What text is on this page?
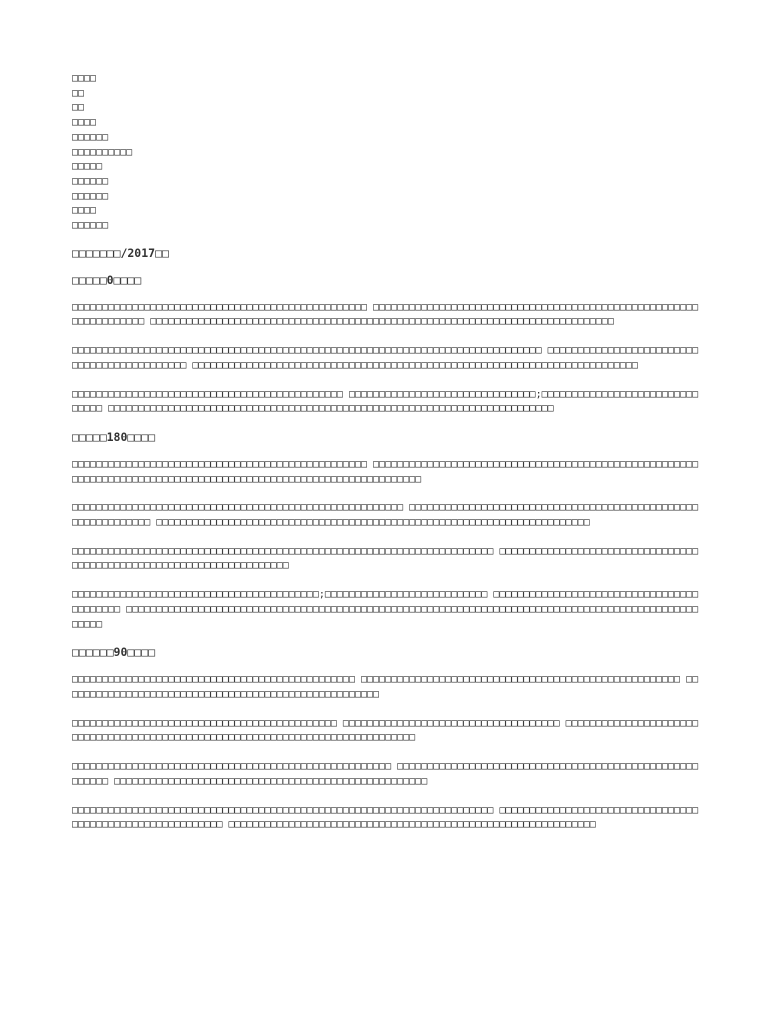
□□□□
□□
□□
□□□□
□□□□□□
□□□□□□□□□□
□□□□□
□□□□□□
□□□□□□
□□□□
□□□□□□
□□□□□□□/2017□□
□□□□□0□□□□

□□□□□□□□□□□□□□□□□□□□□□□□□□□□□□□□□□□□□□□□□□□□□□□□□ □□□□□□□□□□□□□□□□□□□□□□□□□□□□□□□□□□□□□□□□□□□□□□□□□□□□□□□□□□□□□□□□□□ □□□□□□□□□□□□□□□□□□□□□□□□□□□□□□□□□□□□□□□□□□□□□□□□□□□□□□□□□□□□□□□□□□□□□□□□□□□□□

□□□□□□□□□□□□□□□□□□□□□□□□□□□□□□□□□□□□□□□□□□□□□□□□□□□□□□□□□□□□□□□□□□□□□□□□□□□□□□ □□□□□□□□□□□□□□□□□□□□□□□□□□□□□□□□□□□□□□□□□□□□ □□□□□□□□□□□□□□□□□□□□□□□□□□□□□□□□□□□□□□□□□□□□□□□□□□□□□□□□□□□□□□□□□□□□□□□□□□

□□□□□□□□□□□□□□□□□□□□□□□□□□□□□□□□□□□□□□□□□□□□□ □□□□□□□□□□□□□□□□□□□□□□□□□□□□□□□;□□□□□□□□□□□□□□□□□□□□□□□□□□□□□□□ □□□□□□□□□□□□□□□□□□□□□□□□□□□□□□□□□□□□□□□□□□□□□□□□□□□□□□□□□□□□□□□□□□□□□□□□□□

□□□□□180□□□□

□□□□□□□□□□□□□□□□□□□□□□□□□□□□□□□□□□□□□□□□□□□□□□□□□ □□□□□□□□□□□□□□□□□□□□□□□□□□□□□□□□□□□□□□□□□□□□□□□□□□□□□□ □□□□□□□□□□□□□□□□□□□□□□□□□□□□□□□□□□□□□□□□□□□□□□□□□□□□□□□□□□

□□□□□□□□□□□□□□□□□□□□□□□□□□□□□□□□□□□□□□□□□□□□□□□□□□□□□□□ □□□□□□□□□□□□□□□□□□□□□□□□□□□□□□□□□□□□□□□□□□□□□□□□□□□□□□□□□□□□□ □□□□□□□□□□□□□□□□□□□□□□□□□□□□□□□□□□□□□□□□□□□□□□□□□□□□□□□□□□□□□□□□□□□□□□□□

□□□□□□□□□□□□□□□□□□□□□□□□□□□□□□□□□□□□□□□□□□□□□□□□□□□□□□□□□□□□□□□□□□□□□□ □□□□□□□□□□□□□□□□□□□□□□□□□□□□□□□□□□□□□□□□□□□□□□□□□□□□□□□□□□□□□□□□□□□□□

□□□□□□□□□□□□□□□□□□□□□□□□□□□□□□□□□□□□□□□□□;□□□□□□□□□□□□□□□□□□□□□□□□□□□ □□□□□□□□□□□□□□□□□□□□□□□□□□□□□□□□□□□□□□□□□□ □□□□□□□□□□□□□□□□□□□□□□□□□□□□□□□□□□□□□□□□□□□□□□□□□□□□□□□□□□□□□□□□□□□□□□□□□□□□□□□□□□□□□□□□□□□□□□□□□□□□

□□□□□□90□□□□

□□□□□□□□□□□□□□□□□□□□□□□□□□□□□□□□□□□□□□□□□□□□□□□ □□□□□□□□□□□□□□□□□□□□□□□□□□□□□□□□□□□□□□□□□□□□□□□□□□□□□ □□□□□□□□□□□□□□□□□□□□□□□□□□□□□□□□□□□□□□□□□□□□□□□□□□□□□

□□□□□□□□□□□□□□□□□□□□□□□□□□□□□□□□□□□□□□□□□□□□ □□□□□□□□□□□□□□□□□□□□□□□□□□□□□□□□□□□□ □□□□□□□□□□□□□□□□□□□□□□□□□□□□□□□□□□□□□□□□□□□□□□□□□□□□□□□□□□□□□□□□□□□□□□□□□□□□□□□

□□□□□□□□□□□□□□□□□□□□□□□□□□□□□□□□□□□□□□□□□□□□□□□□□□□□□ □□□□□□□□□□□□□□□□□□□□□□□□□□□□□□□□□□□□□□□□□□□□□□□□□□□□□□□□ □□□□□□□□□□□□□□□□□□□□□□□□□□□□□□□□□□□□□□□□□□□□□□□□□□□□

□□□□□□□□□□□□□□□□□□□□□□□□□□□□□□□□□□□□□□□□□□□□□□□□□□□□□□□□□□□□□□□□□□□□□□ □□□□□□□□□□□□□□□□□□□□□□□□□□□□□□□□□□□□□□□□□□□□□□□□□□□□□□□□□□ □□□□□□□□□□□□□□□□□□□□□□□□□□□□□□□□□□□□□□□□□□□□□□□□□□□□□□□□□□□□□
